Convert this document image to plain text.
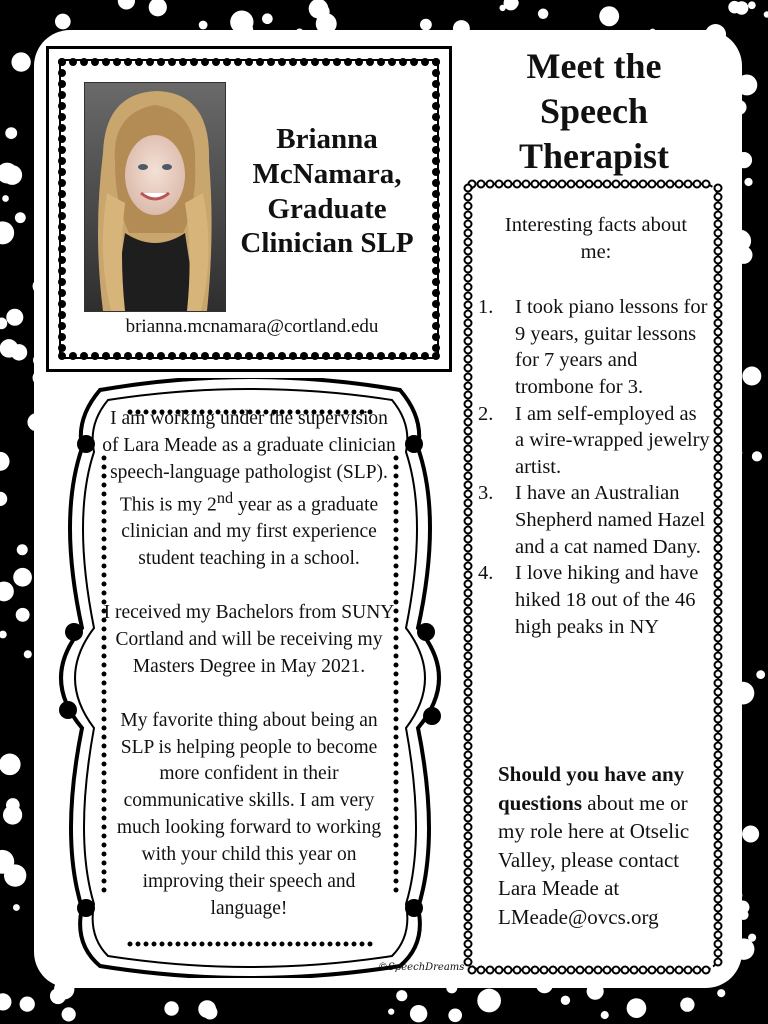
Brianna
McNamara,
Graduate
Clinician SLP
brianna.mcnamara@cortland.edu
Meet the
Speech
Therapist

I am working under the supervision of Lara Meade as a graduate clinician speech-language pathologist (SLP). This is my 2nd year as a graduate clinician and my first experience student teaching in a school.

I received my Bachelors from SUNY Cortland and will be receiving my Masters Degree in May 2021.

My favorite thing about being an SLP is helping people to become more confident in their communicative skills. I am very much looking forward to working with your child this year on improving their speech and language!

Interesting facts about me:
1. I took piano lessons for 9 years, guitar lessons for 7 years and trombone for 3.
2. I am self-employed as a wire-wrapped jewelry artist.
3. I have an Australian Shepherd named Hazel and a cat named Dany.
4. I love hiking and have hiked 18 out of the 46 high peaks in NY
Should you have any questions about me or my role here at Otselic Valley, please contact Lara Meade at LMeade@ovcs.org
©SpeechDreams
